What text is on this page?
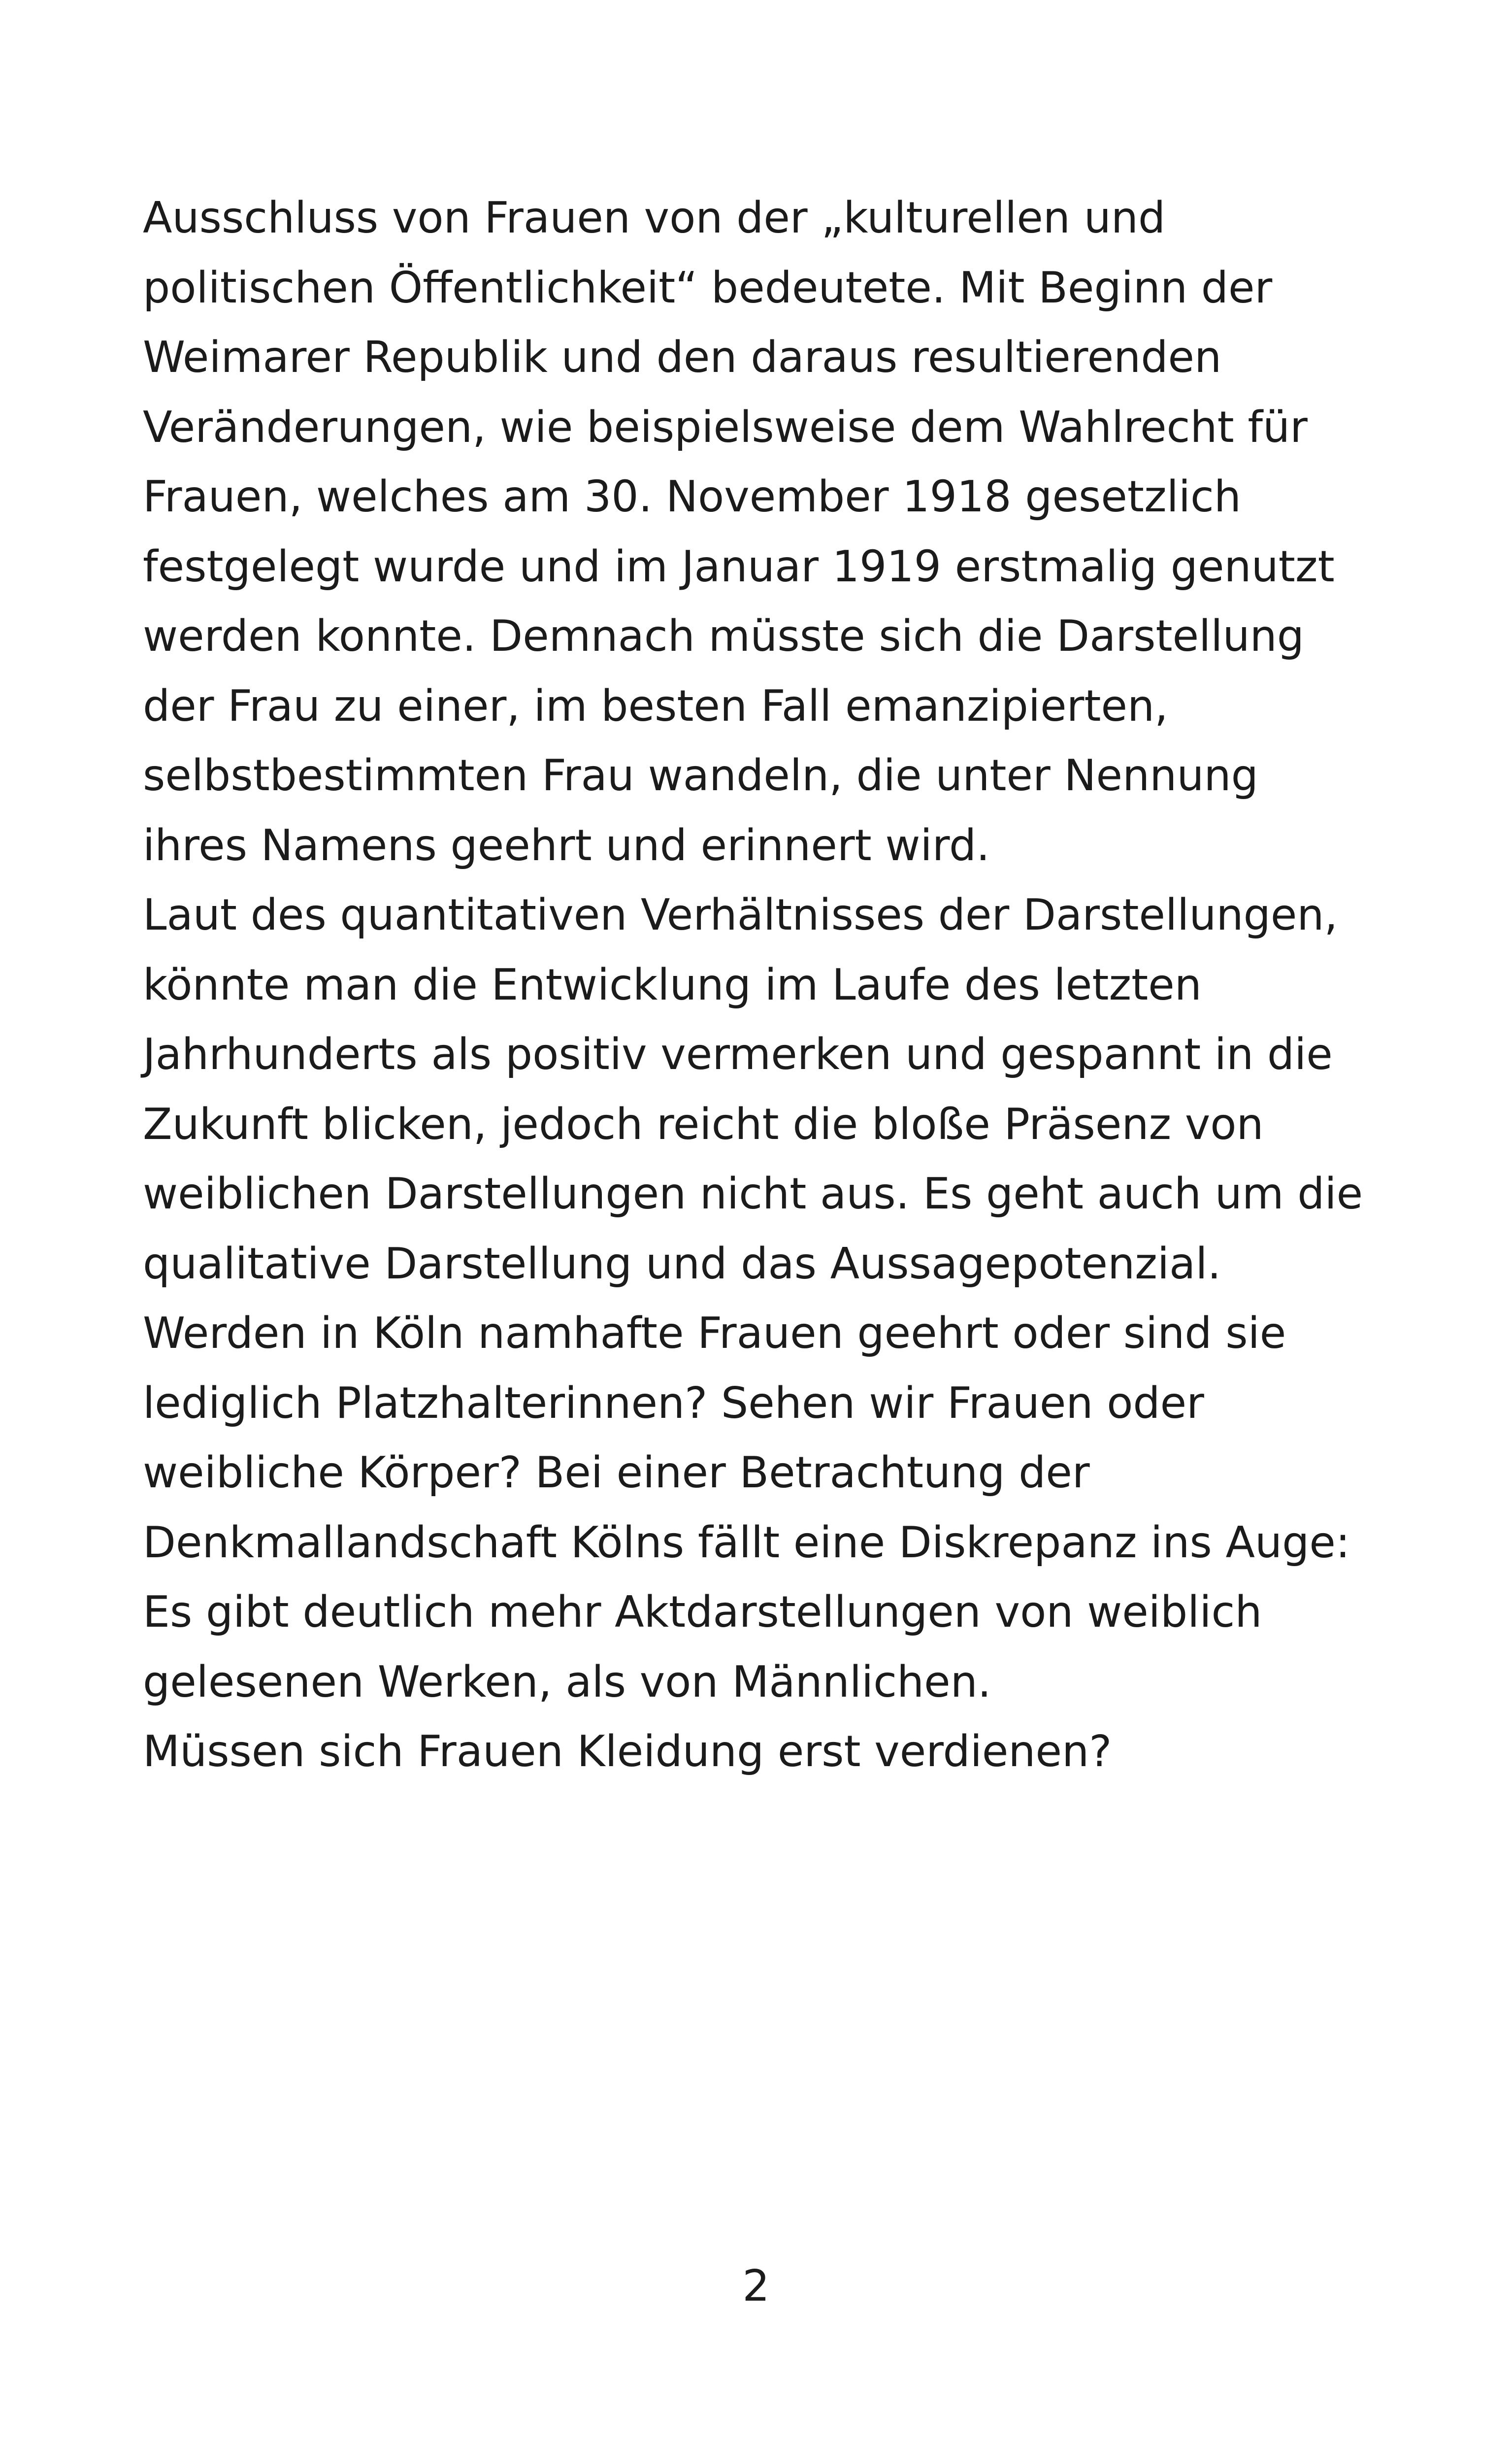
Ausschluss von Frauen von der „kulturellen und
politischen Öffentlichkeit“ bedeutete. Mit Beginn der
Weimarer Republik und den daraus resultierenden
Veränderungen, wie beispielsweise dem Wahlrecht für
Frauen, welches am 30. November 1918 gesetzlich
festgelegt wurde und im Januar 1919 erstmalig genutzt
werden konnte. Demnach müsste sich die Darstellung
der Frau zu einer, im besten Fall emanzipierten,
selbstbestimmten Frau wandeln, die unter Nennung
ihres Namens geehrt und erinnert wird.
Laut des quantitativen Verhältnisses der Darstellungen,
könnte man die Entwicklung im Laufe des letzten
Jahrhunderts als positiv vermerken und gespannt in die
Zukunft blicken, jedoch reicht die bloße Präsenz von
weiblichen Darstellungen nicht aus. Es geht auch um die
qualitative Darstellung und das Aussagepotenzial.
Werden in Köln namhafte Frauen geehrt oder sind sie
lediglich Platzhalterinnen? Sehen wir Frauen oder
weibliche Körper? Bei einer Betrachtung der
Denkmallandschaft Kölns fällt eine Diskrepanz ins Auge:
Es gibt deutlich mehr Aktdarstellungen von weiblich
gelesenen Werken, als von Männlichen.
Müssen sich Frauen Kleidung erst verdienen?
2
